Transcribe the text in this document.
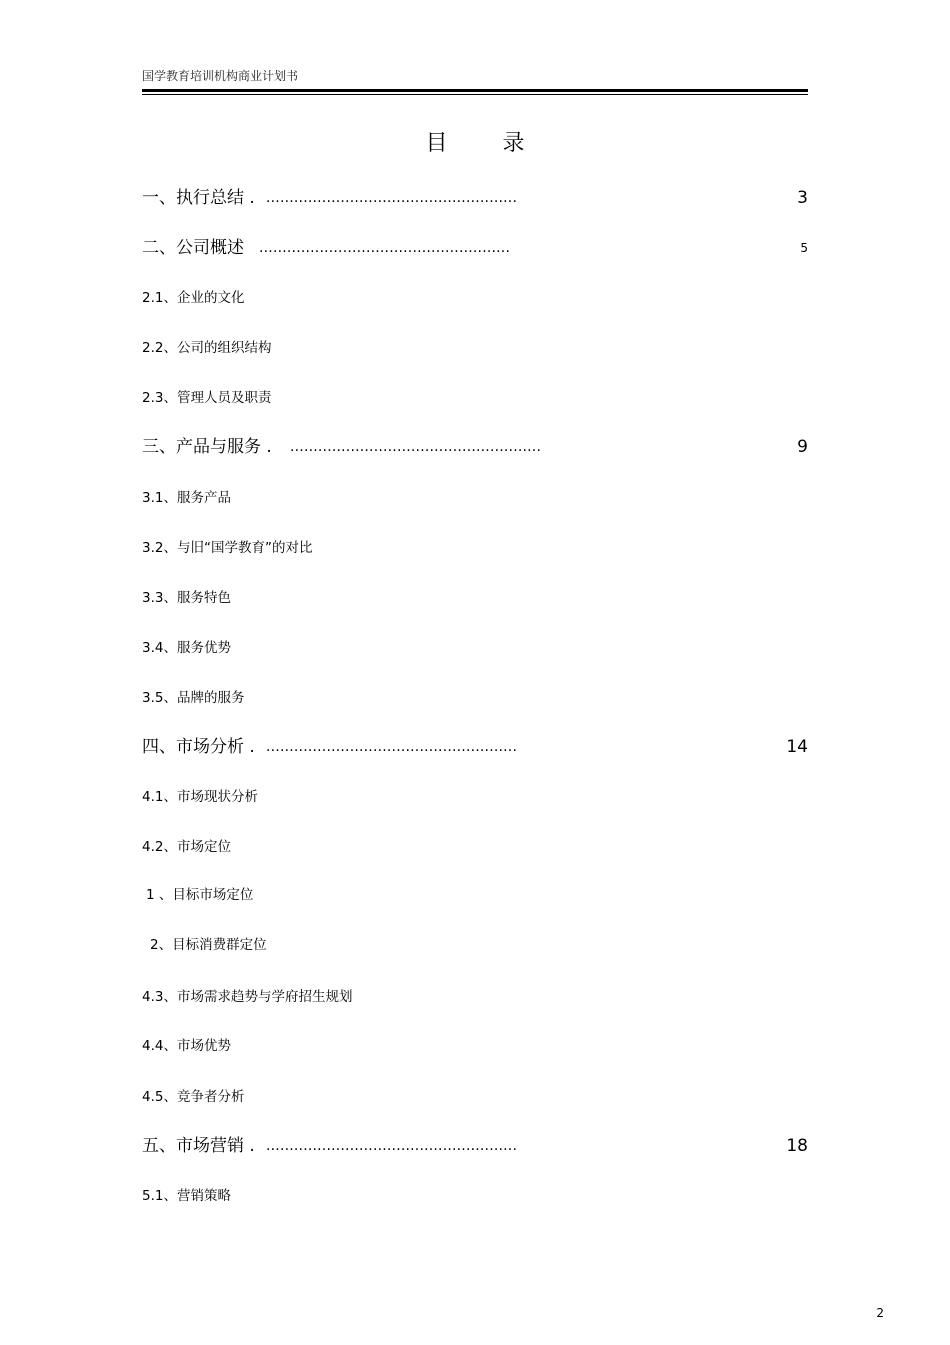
国学教育培训机构商业计划书
目 录
一、执行总结 . ......................................................	3
二、公司概述 ......................................................	5
2.1、企业的文化
2.2、公司的组织结构
2.3、管理人员及职责
三、产品与服务 . ......................................................	9
3.1、服务产品
3.2、与旧“国学教育”的对比
3.3、服务特色
3.4、服务优势
3.5、品牌的服务
四、市场分析 . ......................................................	14
4.1、市场现状分析
4.2、市场定位
1 、目标市场定位
2、目标消费群定位
4.3、市场需求趋势与学府招生规划
4.4、市场优势
4.5、竞争者分析
五、市场营销 . ......................................................	18
5.1、营销策略
2
